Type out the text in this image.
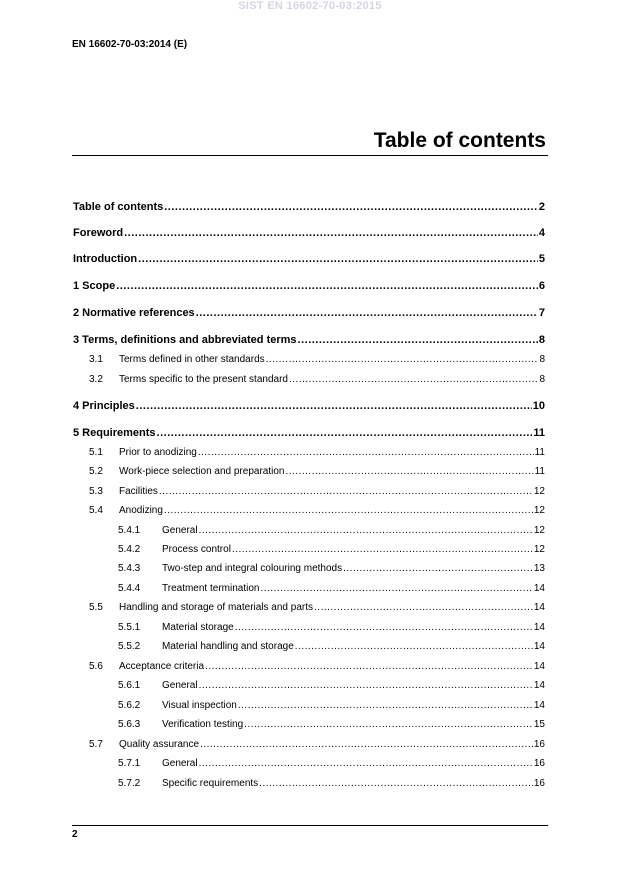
SIST EN 16602-70-03:2015
EN 16602-70-03:2014 (E)
Table of contents
Table of contents .....	2
Foreword .....	4
Introduction .....	5
1 Scope .....	6
2 Normative references .....	7
3 Terms, definitions and abbreviated terms .....	8
3.1	Terms defined in other standards .....	8
3.2	Terms specific to the present standard .....	8
4 Principles .....	10
5 Requirements .....	11
5.1	Prior to anodizing .....	11
5.2	Work-piece selection and preparation .....	11
5.3	Facilities .....	12
5.4	Anodizing .....	12
5.4.1	General .....	12
5.4.2	Process control .....	12
5.4.3	Two-step and integral colouring methods .....	13
5.4.4	Treatment termination .....	14
5.5	Handling and storage of materials and parts .....	14
5.5.1	Material storage .....	14
5.5.2	Material handling and storage .....	14
5.6	Acceptance criteria .....	14
5.6.1	General .....	14
5.6.2	Visual inspection .....	14
5.6.3	Verification testing .....	15
5.7	Quality assurance .....	16
5.7.1	General .....	16
5.7.2	Specific requirements .....	16
2
